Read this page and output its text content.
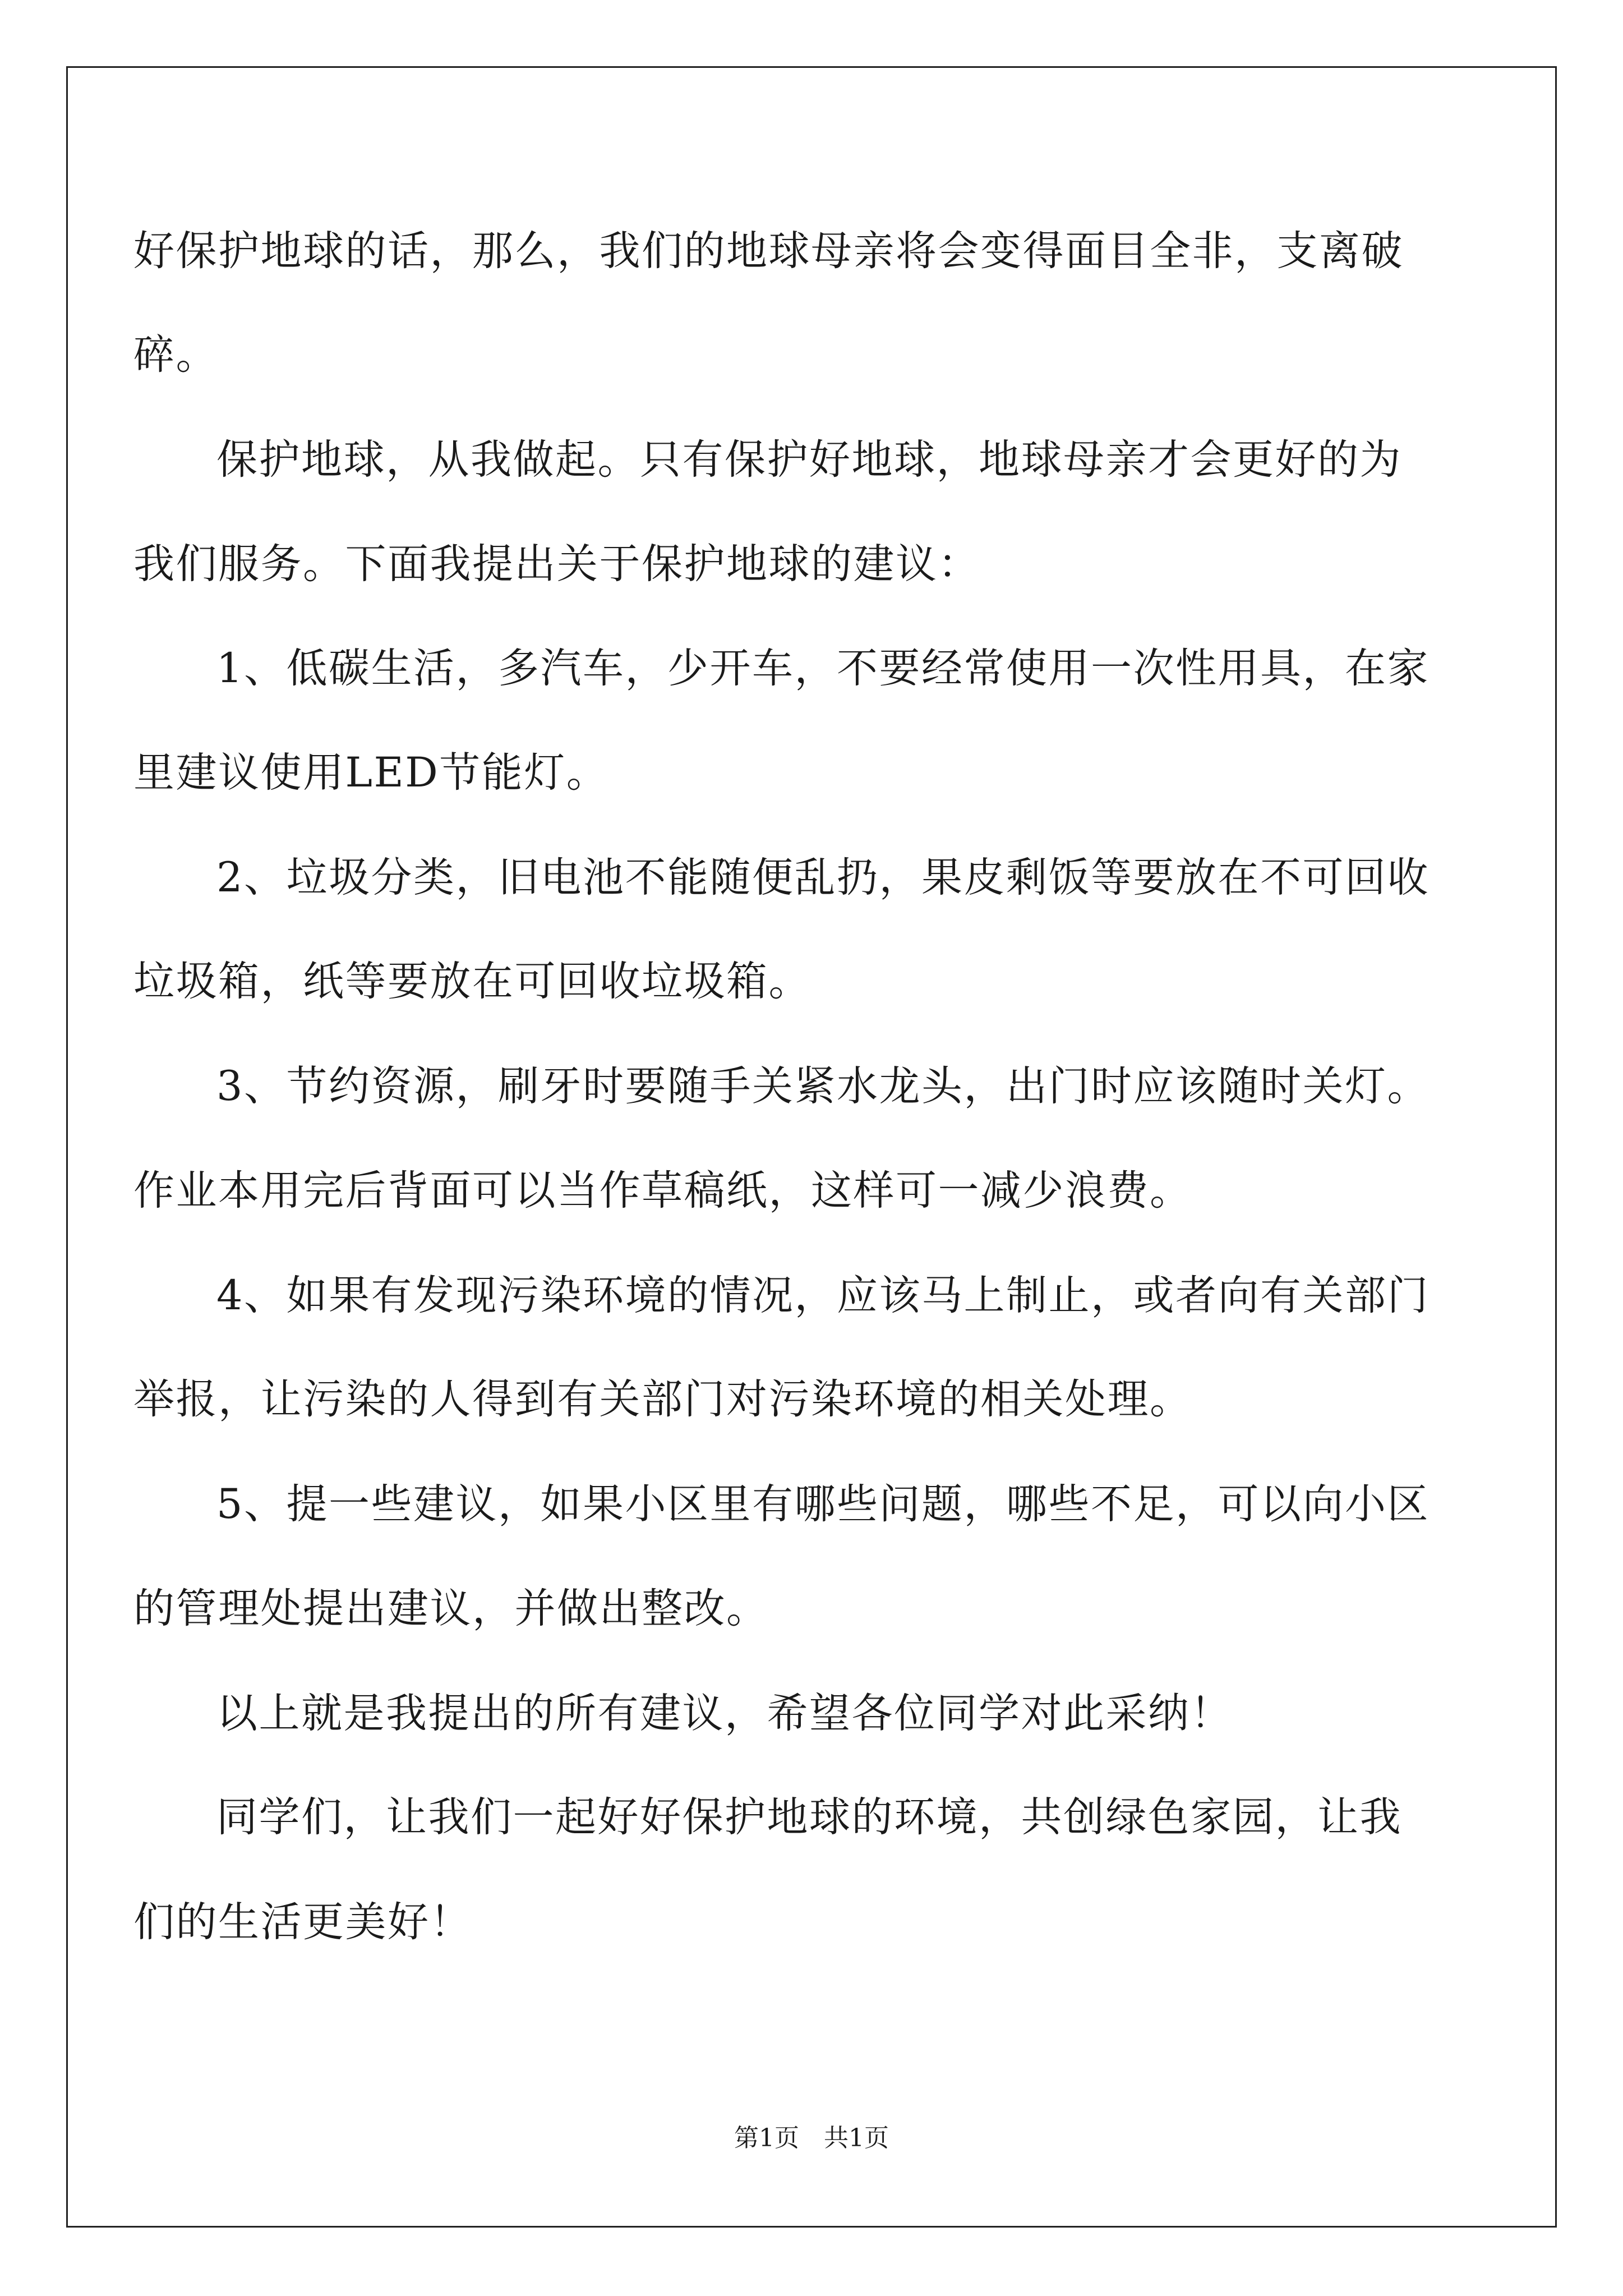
好保护地球的话，那么，我们的地球母亲将会变得面目全非，支离破
碎。
保护地球，从我做起。只有保护好地球，地球母亲才会更好的为
我们服务。下面我提出关于保护地球的建议：
1、低碳生活，多汽车，少开车，不要经常使用一次性用具，在家
里建议使用LED节能灯。
2、垃圾分类，旧电池不能随便乱扔，果皮剩饭等要放在不可回收
垃圾箱，纸等要放在可回收垃圾箱。
3、节约资源，刷牙时要随手关紧水龙头，出门时应该随时关灯。
作业本用完后背面可以当作草稿纸，这样可一减少浪费。
4、如果有发现污染环境的情况，应该马上制止，或者向有关部门
举报，让污染的人得到有关部门对污染环境的相关处理。
5、提一些建议，如果小区里有哪些问题，哪些不足，可以向小区
的管理处提出建议，并做出整改。
以上就是我提出的所有建议，希望各位同学对此采纳！
同学们，让我们一起好好保护地球的环境，共创绿色家园，让我
们的生活更美好！
第1页　共1页
